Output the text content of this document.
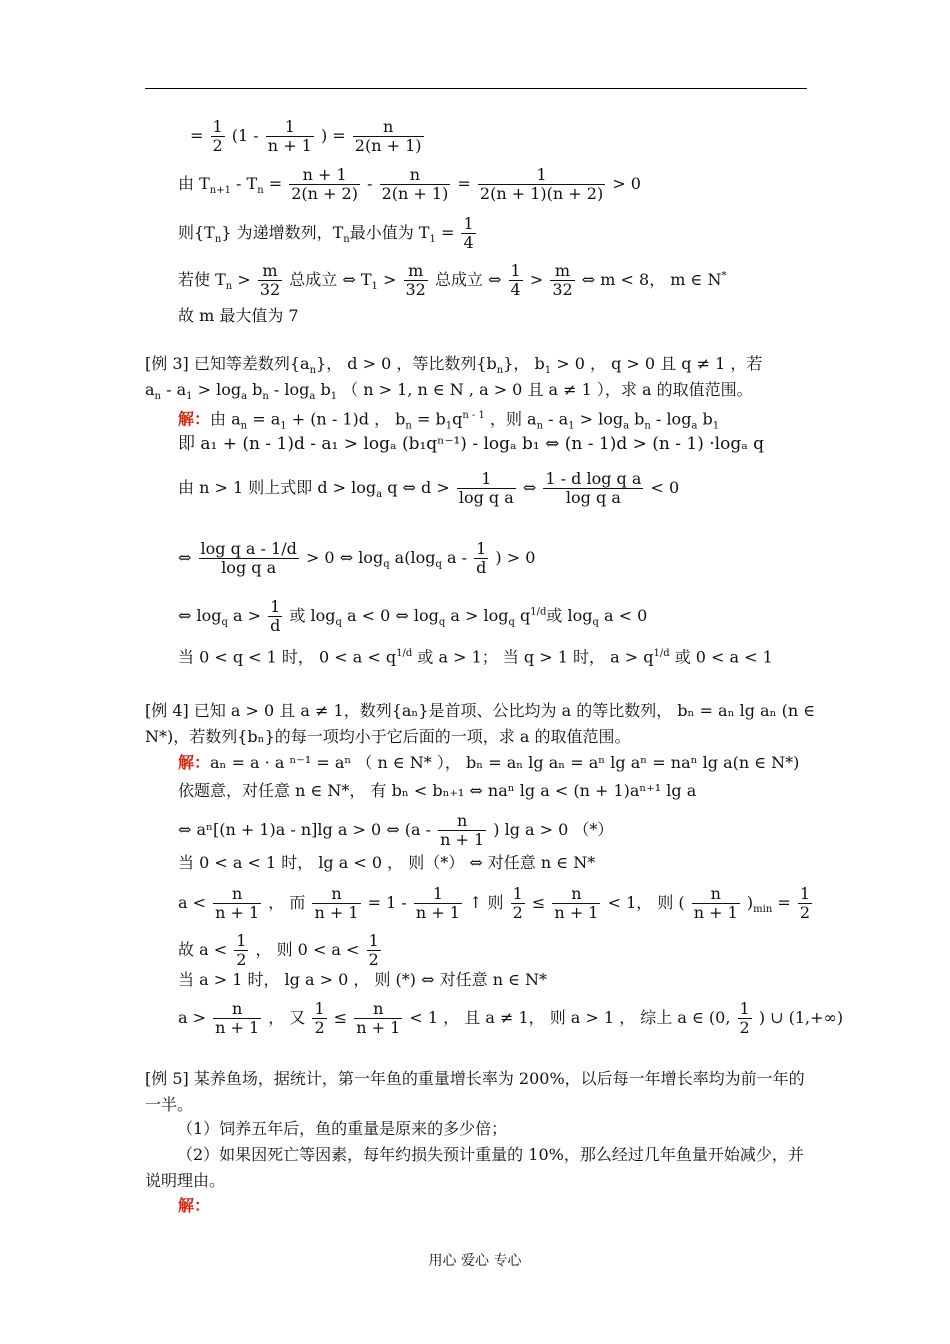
= $\frac{1}{2} (1 - \frac{1}{n + 1}$ ) = $\frac{n}{2(n + 1)}$
由 $T_{n+1} - T_n = \frac{n + 1}{2(n + 2)} - \frac{n}{2(n + 1)} = \frac{1}{2(n + 1)(n + 2)} > 0$
则$\{T_n\}$ 为递增数列，$T_n$最小值为 $T_1 = \frac{1}{4}$
若使 $T_n > \frac{m}{32}$ 总成立 ⇔ $T_1 > \frac{m}{32}$ 总成立 ⇔ $\frac{1}{4} > \frac{m}{32}$ ⇔ m < 8， m ∈ N*
故 m 最大值为 7
[例 3] 已知等差数列$\{a_n\}$， d > 0 ，等比数列$\{b_n\}$， $b_1 > 0$ ， q > 0 且 q ≠ 1 ，若
$a_n - a_1 > \log_a b_n - \log_a b_1$ （ n > 1, n ∈ N , a > 0 且 a ≠ 1 ），求 a 的取值范围。
解：由 $a_n = a_1 + (n - 1)d$ ， $b_n = b_1q^{n - 1}$ ，则 $a_n - a_1 > \log_a b_n - \log_a b_1$
即 a₁ + (n - 1)d - a₁ > logₐ (b₁qⁿ⁻¹) - logₐ b₁ ⇔ (n - 1)d > (n - 1) ·logₐ q
由 n > 1 则上式即 $d > \log_a q$ ⇔ $d > \frac{1}{\text{log q a}}$ ⇔ $\frac{\text{1 - d log q a}}{\text{log q a}} < 0$
⇔ $\frac{\text{log q a - 1/d}}{\text{log q a}} > 0$ ⇔ $\log_q a(\log_q$ a - $\frac{1}{d}$ ) > 0
⇔ $\log_q a > \frac{1}{d}$ 或 $\log_q a < 0$ ⇔ $\log_q a > \log_q q^{1/d}$或 $\log_q a < 0$
当 0 < q < 1 时， $0 < a < q^{1/d}$ 或 a > 1； 当 q > 1 时， $a > q^{1/d}$ 或 0 < a < 1
[例 4] 已知 a > 0 且 a ≠ 1，数列{aₙ}是首项、公比均为 a 的等比数列， bₙ = aₙ lg aₙ (n ∈
N*)，若数列{bₙ}的每一项均小于它后面的一项，求 a 的取值范围。
解：aₙ = a · a ⁿ⁻¹ = aⁿ （ n ∈ N* ）， bₙ = aₙ lg aₙ = aⁿ lg aⁿ = naⁿ lg a(n ∈ N*)
依题意，对任意 n ∈ N*， 有 bₙ < bₙ₊₁ ⇔ naⁿ lg a < (n + 1)aⁿ⁺¹ lg a
⇔ aⁿ[(n + 1)a - n]lg a > 0 ⇔ ($a - \frac{n}{n + 1}$ ) lg a > 0 （*）
当 0 < a < 1 时， lg a < 0 ， 则（*） ⇔ 对任意 n ∈ N*
$a < \frac{n}{n + 1}$ ， 而 $\frac{n}{n + 1} = 1 - \frac{1}{n + 1}$ ↑ 则 $\frac{1}{2} \le \frac{n}{n + 1} < 1$， 则 ( $\frac{n}{n + 1} )_{min} = \frac{1}{2}$
故 $a < \frac{1}{2}$ ， 则 $0 < a < \frac{1}{2}$
当 a > 1 时， lg a > 0 ， 则 (*) ⇔ 对任意 n ∈ N*
$a > \frac{n}{n + 1}$ ， 又 $\frac{1}{2} \le \frac{n}{n + 1} < 1$ ， 且 a ≠ 1， 则 a > 1 ， 综上 a ∈ (0, $\frac{1}{2}$ ) ∪ (1,+∞)
[例 5] 某养鱼场，据统计，第一年鱼的重量增长率为 200%，以后每一年增长率均为前一年的一半。
（1）饲养五年后，鱼的重量是原来的多少倍；
（2）如果因死亡等因素，每年约损失预计重量的 10%，那么经过几年鱼量开始减少，并说明理由。
解：
用心 爱心 专心
